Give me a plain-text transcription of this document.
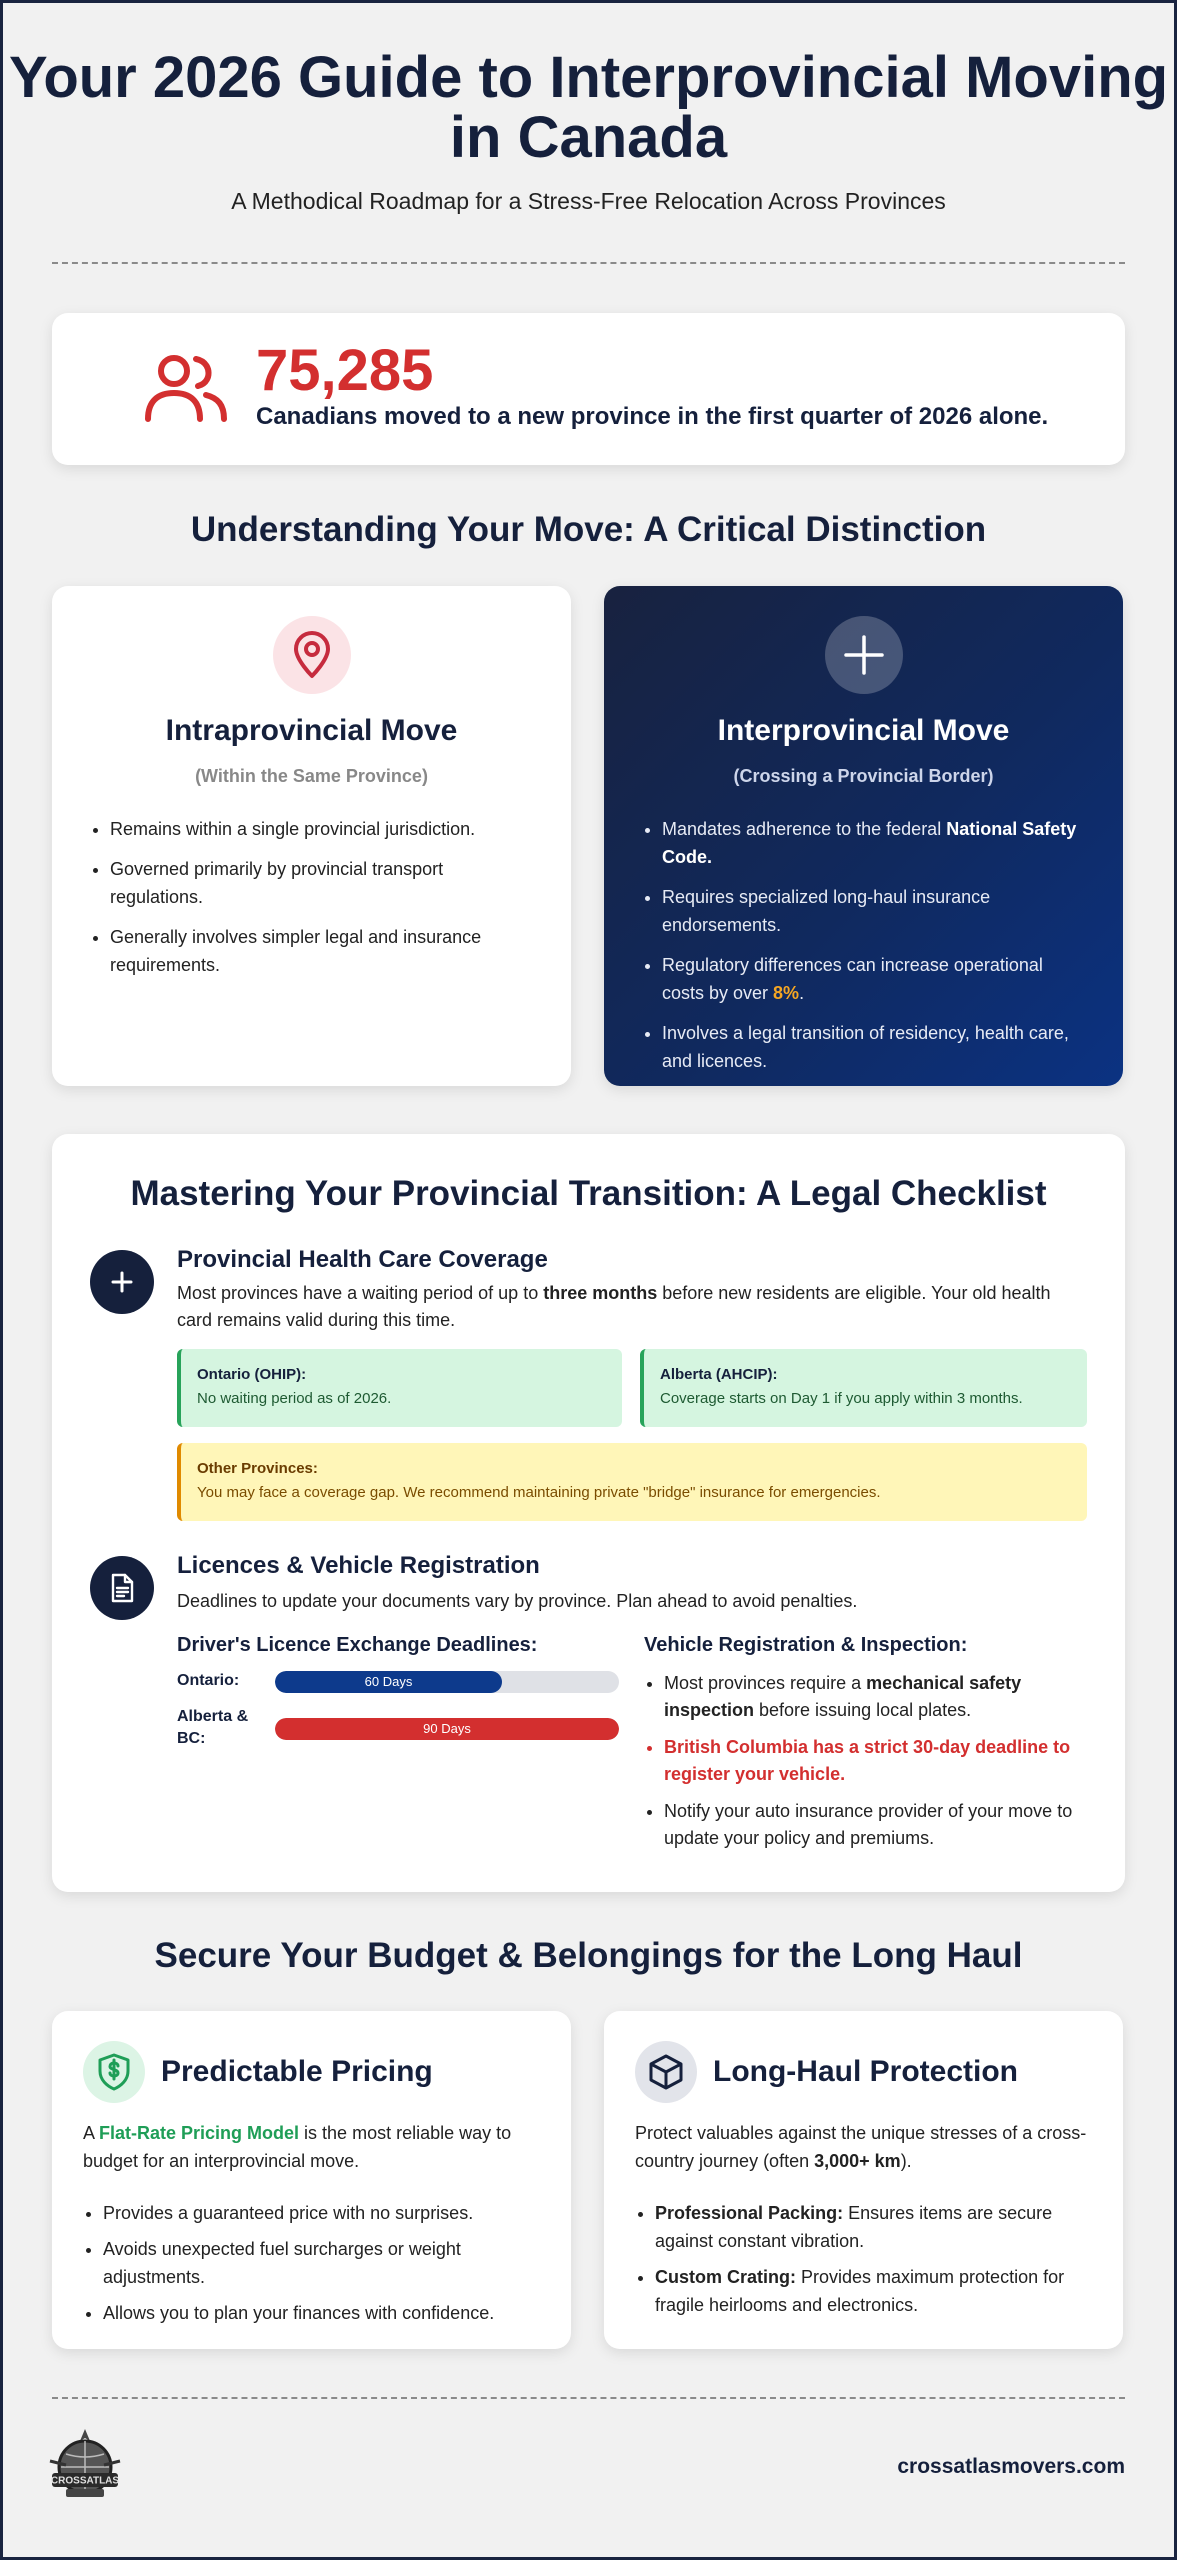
Your 2026 Guide to Interprovincial Moving in Canada

A Methodical Roadmap for a Stress-Free Relocation Across Provinces

75,285
Canadians moved to a new province in the first quarter of 2026 alone.
Understanding Your Move: A Critical Distinction
Intraprovincial Move
(Within the Same Province)
• Remains within a single provincial jurisdiction.
• Governed primarily by provincial transport regulations.
• Generally involves simpler legal and insurance requirements.
Interprovincial Move
(Crossing a Provincial Border)
• Mandates adherence to the federal National Safety Code.
• Requires specialized long-haul insurance endorsements.
• Regulatory differences can increase operational costs by over 8%.
• Involves a legal transition of residency, health care, and licences.
Mastering Your Provincial Transition: A Legal Checklist
Provincial Health Care Coverage

Most provinces have a waiting period of up to three months before new residents are eligible. Your old health card remains valid during this time.

Ontario (OHIP):
No waiting period as of 2026.
Alberta (AHCIP):
Coverage starts on Day 1 if you apply within 3 months.
Other Provinces:
You may face a coverage gap. We recommend maintaining private "bridge" insurance for emergencies.
Licences & Vehicle Registration

Deadlines to update your documents vary by province. Plan ahead to avoid penalties.

Driver's Licence Exchange Deadlines:
Ontario:	60 Days
Alberta & BC:
90 Days
Vehicle Registration & Inspection:
• Most provinces require a mechanical safety inspection before issuing local plates.
• British Columbia has a strict 30-day deadline to register your vehicle.
• Notify your auto insurance provider of your move to update your policy and premiums.
Secure Your Budget & Belongings for the Long Haul
Predictable Pricing

A Flat-Rate Pricing Model is the most reliable way to budget for an interprovincial move.

• Provides a guaranteed price with no surprises.
• Avoids unexpected fuel surcharges or weight adjustments.
• Allows you to plan your finances with confidence.
Long-Haul Protection

Protect valuables against the unique stresses of a cross-country journey (often 3,000+ km).

• Professional Packing: Ensures items are secure against constant vibration.
• Custom Crating: Provides maximum protection for fragile heirlooms and electronics.
CROSSATLAS
crossatlasmovers.com
